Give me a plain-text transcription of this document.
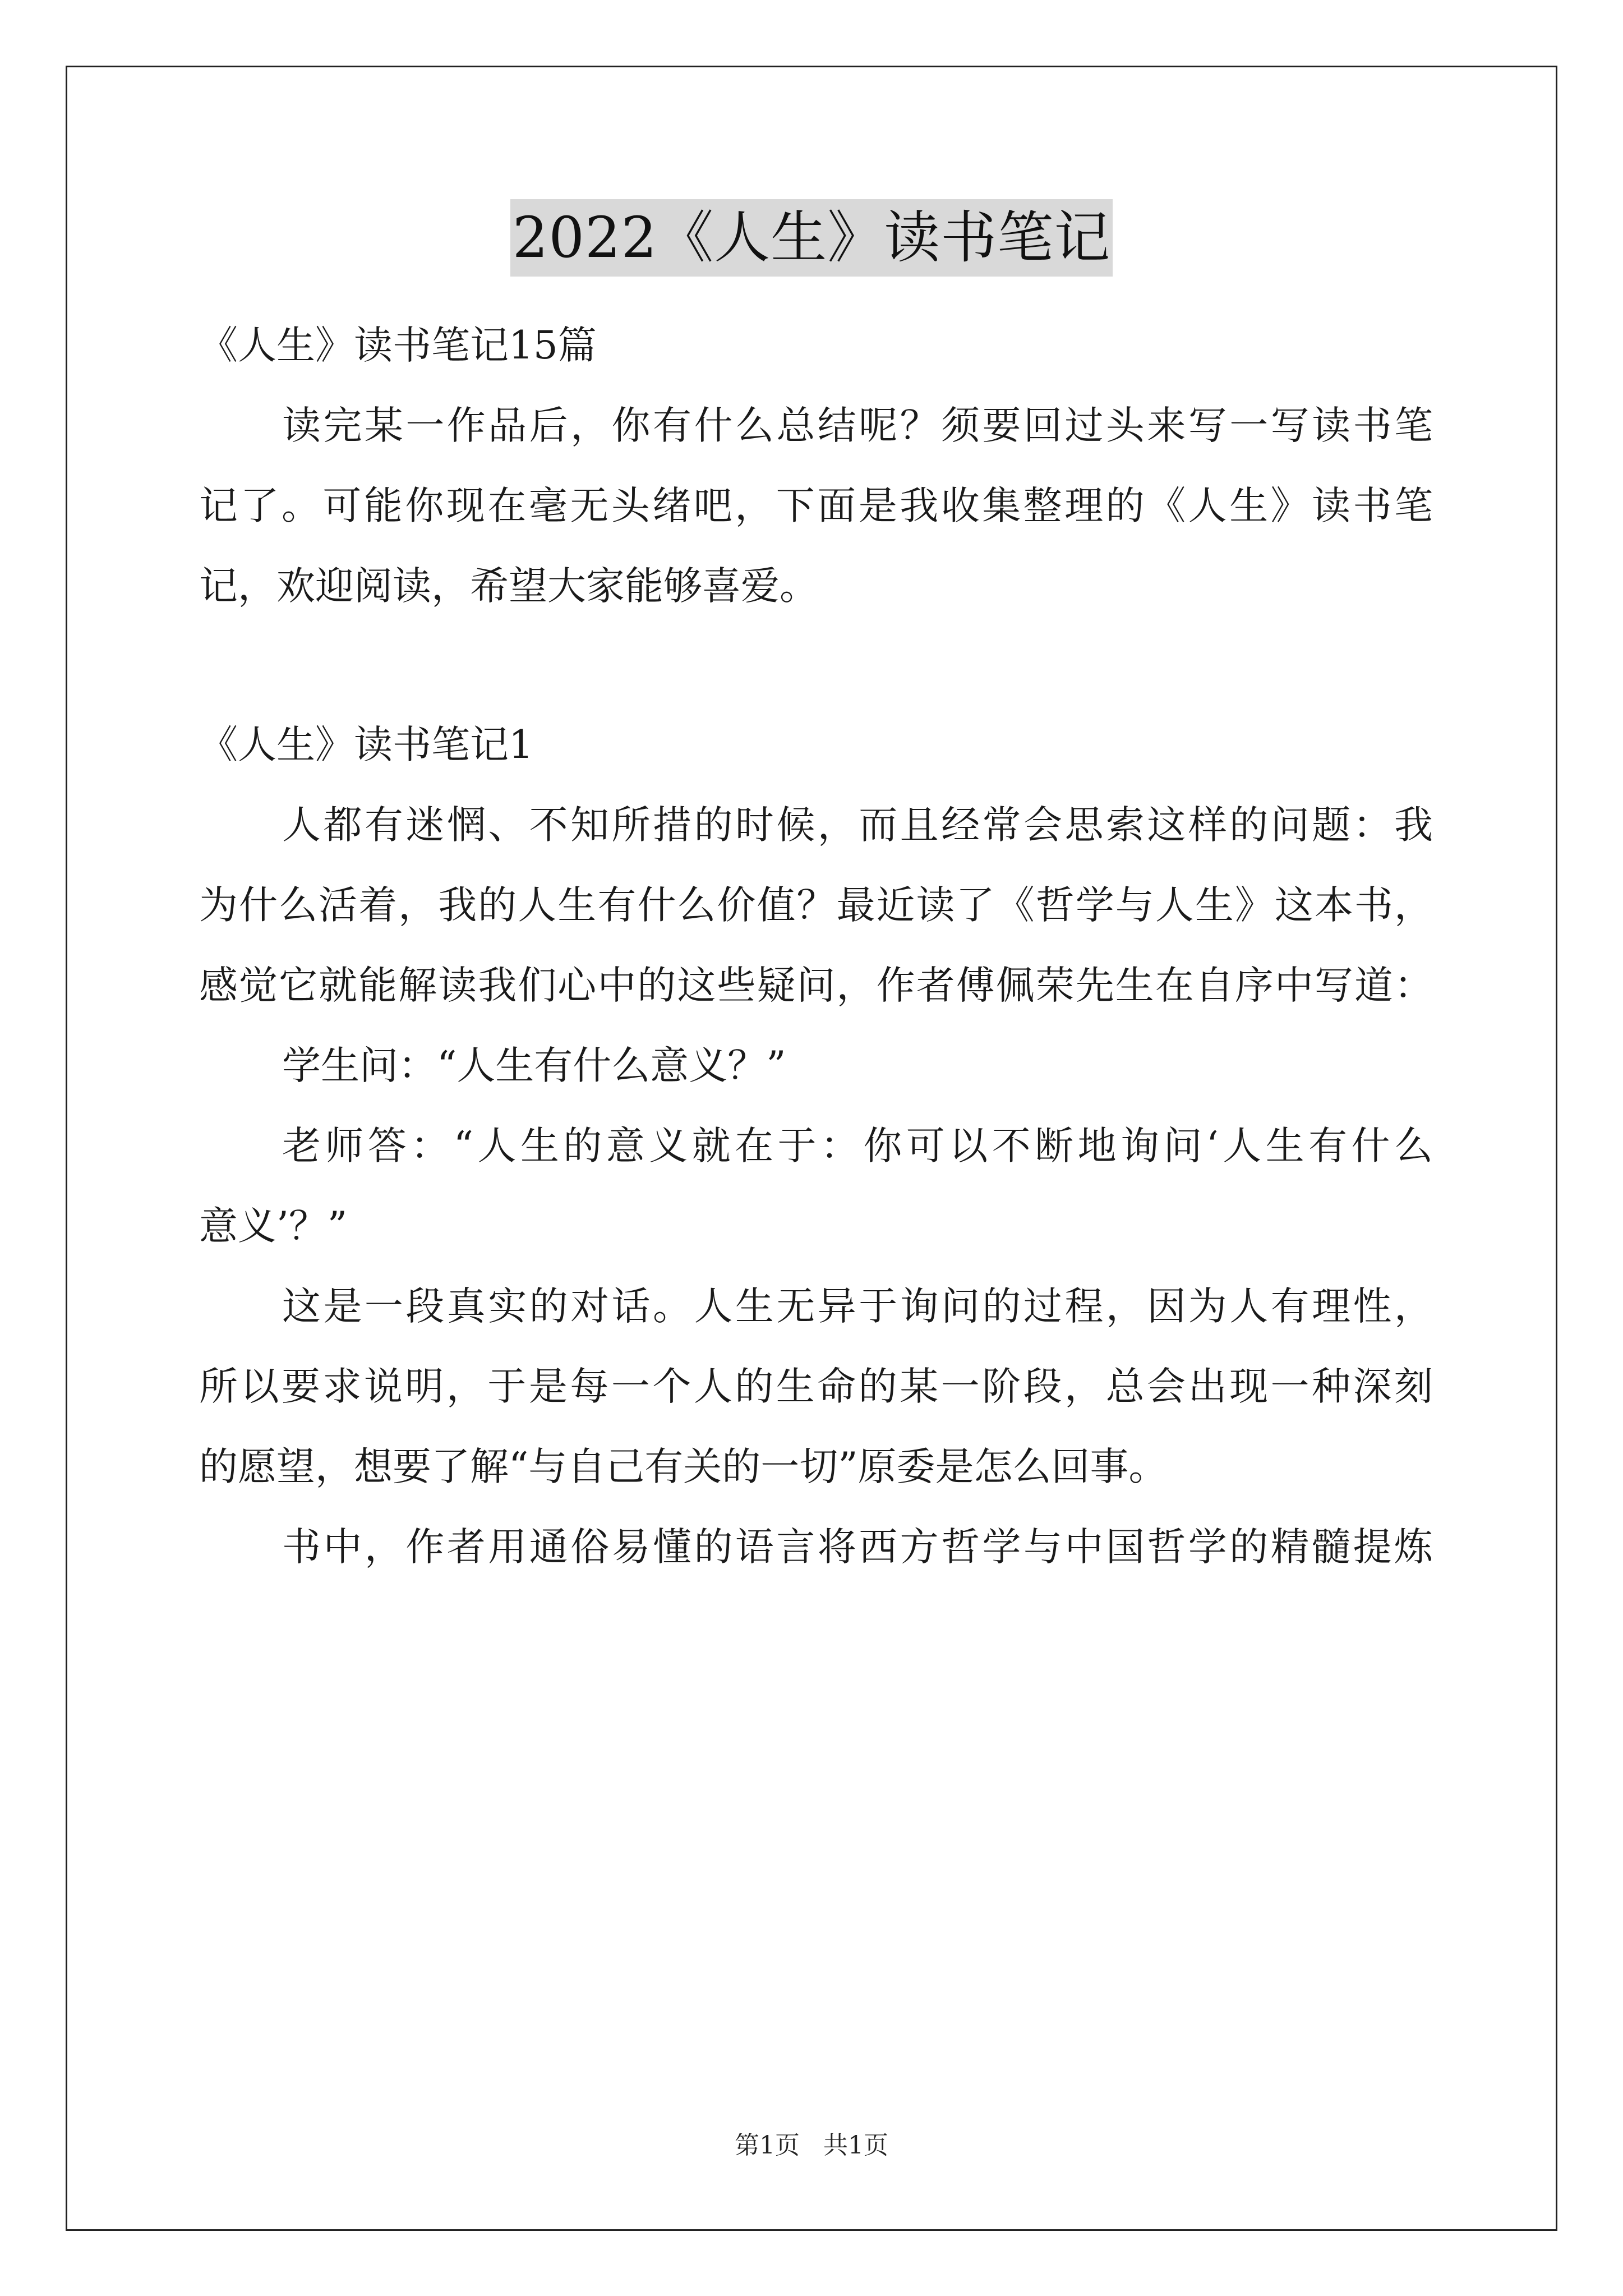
2022《人生》读书笔记
《人生》读书笔记15篇
读完某一作品后，你有什么总结呢？须要回过头来写一写读书笔
记了。可能你现在毫无头绪吧，下面是我收集整理的《人生》读书笔
记，欢迎阅读，希望大家能够喜爱。
《人生》读书笔记1
人都有迷惘、不知所措的时候，而且经常会思索这样的问题：我
为什么活着，我的人生有什么价值？最近读了《哲学与人生》这本书，
感觉它就能解读我们心中的这些疑问，作者傅佩荣先生在自序中写道：
学生问：“人生有什么意义？”
老师答：“人生的意义就在于：你可以不断地询问‘人生有什么
意义’？”
这是一段真实的对话。人生无异于询问的过程，因为人有理性，
所以要求说明，于是每一个人的生命的某一阶段，总会出现一种深刻
的愿望，想要了解“与自己有关的一切”原委是怎么回事。
书中，作者用通俗易懂的语言将西方哲学与中国哲学的精髓提炼
第1页 共1页
